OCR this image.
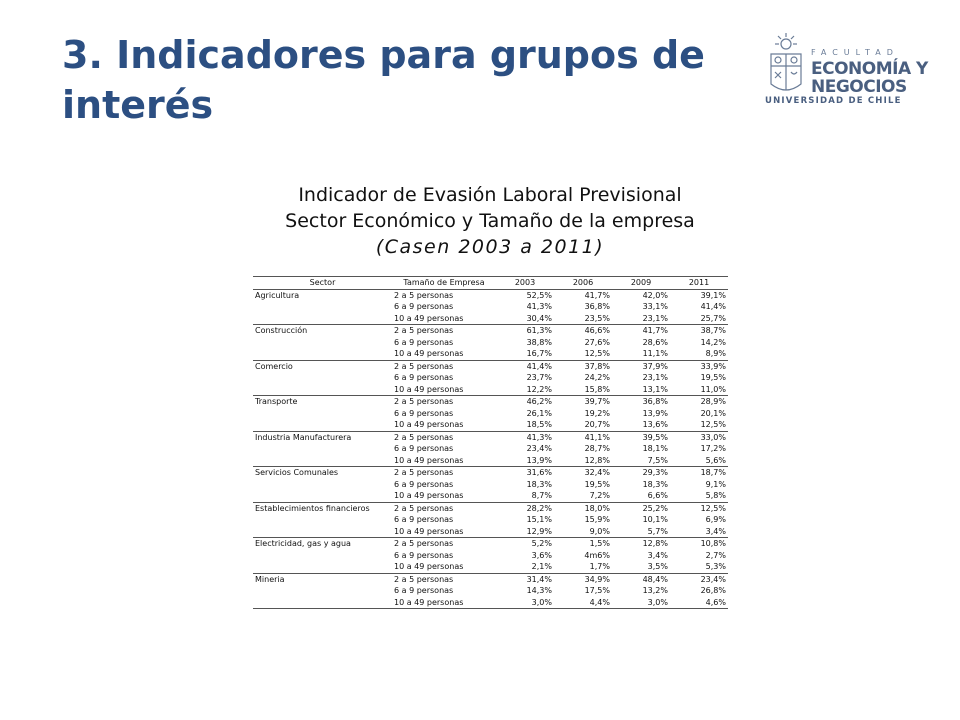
3. Indicadores para grupos de interés
FACULTAD
ECONOMÍA Y
NEGOCIOS
UNIVERSIDAD DE CHILE
Indicador de Evasión Laboral Previsional
Sector Económico y Tamaño de la empresa
(Casen 2003 a 2011)
Sector	Tamaño de Empresa	2003	2006	2009	2011
Agricultura	2 a 5 personas	52,5%	41,7%	42,0%	39,1%
	6 a 9 personas	41,3%	36,8%	33,1%	41,4%
	10 a 49 personas	30,4%	23,5%	23,1%	25,7%
Construcción	2 a 5 personas	61,3%	46,6%	41,7%	38,7%
	6 a 9 personas	38,8%	27,6%	28,6%	14,2%
	10 a 49 personas	16,7%	12,5%	11,1%	8,9%
Comercio	2 a 5 personas	41,4%	37,8%	37,9%	33,9%
	6 a 9 personas	23,7%	24,2%	23,1%	19,5%
	10 a 49 personas	12,2%	15,8%	13,1%	11,0%
Transporte	2 a 5 personas	46,2%	39,7%	36,8%	28,9%
	6 a 9 personas	26,1%	19,2%	13,9%	20,1%
	10 a 49 personas	18,5%	20,7%	13,6%	12,5%
Industria Manufacturera	2 a 5 personas	41,3%	41,1%	39,5%	33,0%
	6 a 9 personas	23,4%	28,7%	18,1%	17,2%
	10 a 49 personas	13,9%	12,8%	7,5%	5,6%
Servicios Comunales	2 a 5 personas	31,6%	32,4%	29,3%	18,7%
	6 a 9 personas	18,3%	19,5%	18,3%	9,1%
	10 a 49 personas	8,7%	7,2%	6,6%	5,8%
Establecimientos financieros	2 a 5 personas	28,2%	18,0%	25,2%	12,5%
	6 a 9 personas	15,1%	15,9%	10,1%	6,9%
	10 a 49 personas	12,9%	9,0%	5,7%	3,4%
Electricidad, gas y agua	2 a 5 personas	5,2%	1,5%	12,8%	10,8%
	6 a 9 personas	3,6%	4m6%	3,4%	2,7%
	10 a 49 personas	2,1%	1,7%	3,5%	5,3%
Mineria	2 a 5 personas	31,4%	34,9%	48,4%	23,4%
	6 a 9 personas	14,3%	17,5%	13,2%	26,8%
	10 a 49 personas	3,0%	4,4%	3,0%	4,6%
